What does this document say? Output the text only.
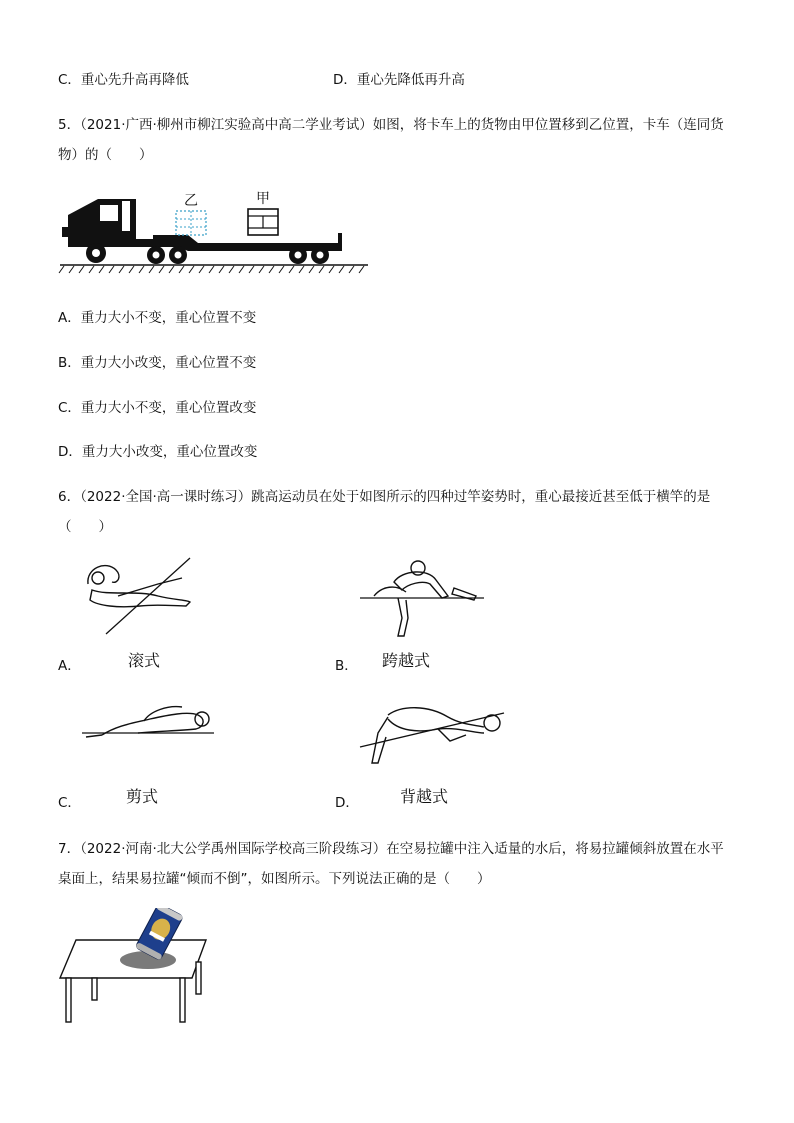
C．重心先升高再降低	D．重心先降低再升高
5．（2021·广西·柳州市柳江实验高中高二学业考试）如图，将卡车上的货物由甲位置移到乙位置，卡车（连同货
物）的（　　）
乙	甲
A．重力大小不变，重心位置不变
B．重力大小改变，重心位置不变
C．重力大小不变，重心位置改变
D．重力大小改变，重心位置改变
6．（2022·全国·高一课时练习）跳高运动员在处于如图所示的四种过竿姿势时，重心最接近甚至低于横竿的是
（　　）
A．	滚式	B． 跨越式
C．	剪式	D．	背越式
7．（2022·河南·北大公学禹州国际学校高三阶段练习）在空易拉罐中注入适量的水后，将易拉罐倾斜放置在水平
桌面上，结果易拉罐“倾而不倒”，如图所示。下列说法正确的是（　　）
